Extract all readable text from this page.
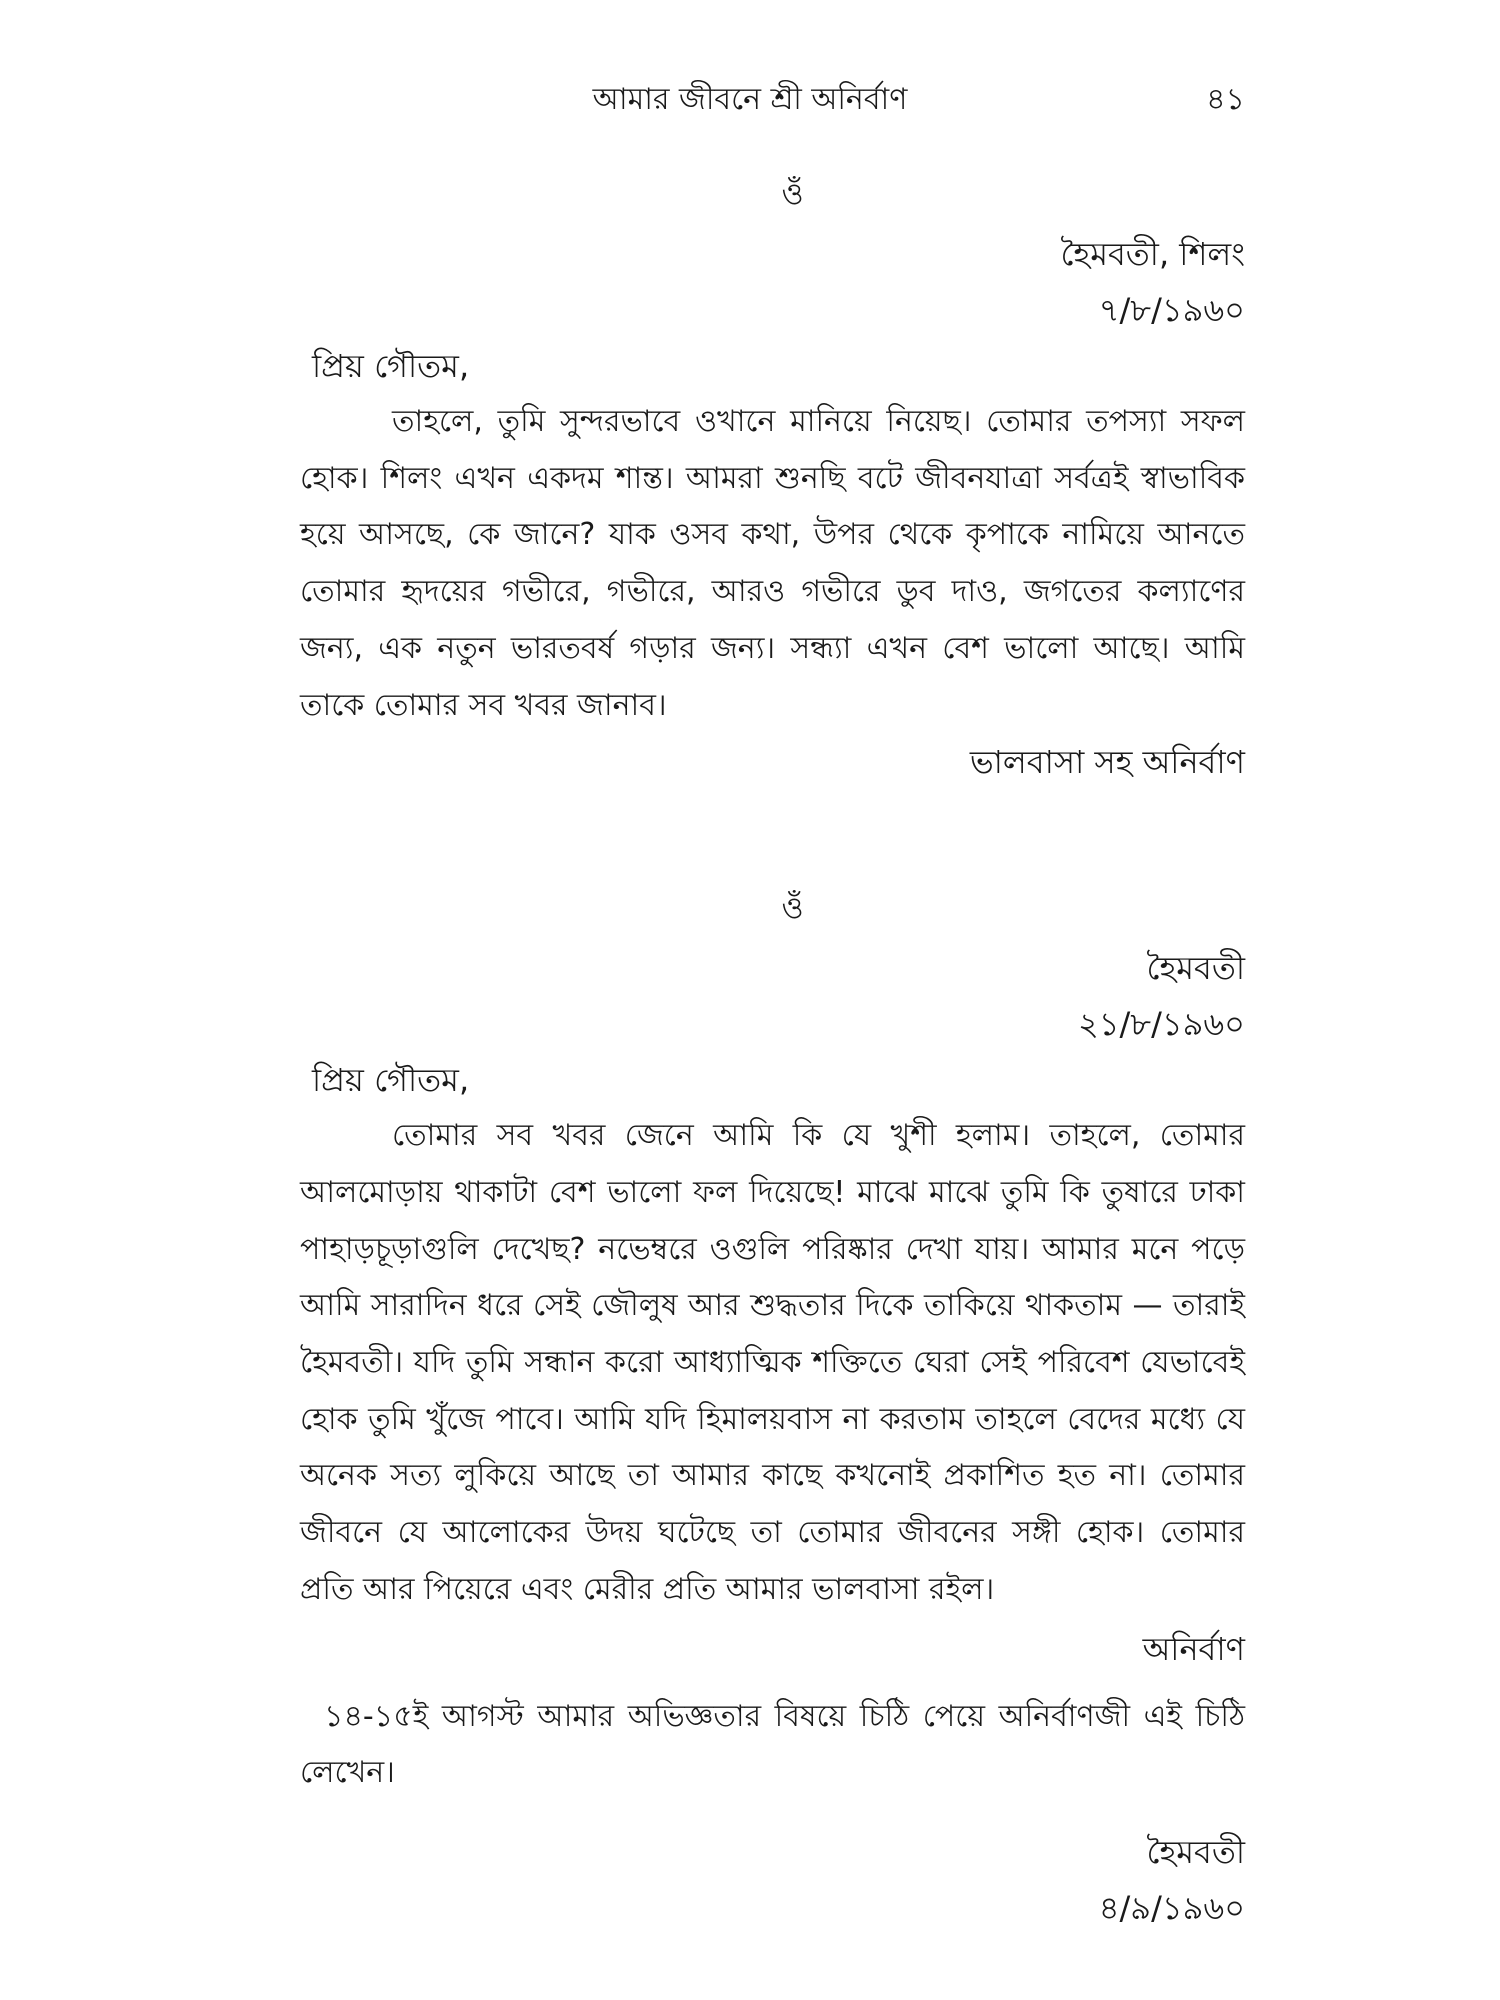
আমার জীবনে শ্রী অনির্বাণ	৪১
ওঁ
হৈমবতী, শিলং
৭/৮/১৯৬০
প্রিয় গৌতম,

তাহলে, তুমি সুন্দরভাবে ওখানে মানিয়ে নিয়েছ। তোমার তপস্যা সফল হোক। শিলং এখন একদম শান্ত। আমরা শুনছি বটে জীবনযাত্রা সর্বত্রই স্বাভাবিক হয়ে আসছে, কে জানে? যাক ওসব কথা, উপর থেকে কৃপাকে নামিয়ে আনতে তোমার হৃদয়ের গভীরে, গভীরে, আরও গভীরে ডুব দাও, জগতের কল্যাণের জন্য, এক নতুন ভারতবর্ষ গড়ার জন্য। সন্ধ্যা এখন বেশ ভালো আছে। আমি তাকে তোমার সব খবর জানাব।

ভালবাসা সহ অনির্বাণ
ওঁ
হৈমবতী
২১/৮/১৯৬০
প্রিয় গৌতম,

তোমার সব খবর জেনে আমি কি যে খুশী হলাম। তাহলে, তোমার আলমোড়ায় থাকাটা বেশ ভালো ফল দিয়েছে! মাঝে মাঝে তুমি কি তুষারে ঢাকা পাহাড়চূড়াগুলি দেখেছ? নভেম্বরে ওগুলি পরিষ্কার দেখা যায়। আমার মনে পড়ে আমি সারাদিন ধরে সেই জৌলুষ আর শুদ্ধতার দিকে তাকিয়ে থাকতাম — তারাই হৈমবতী। যদি তুমি সন্ধান করো আধ্যাত্মিক শক্তিতে ঘেরা সেই পরিবেশ যেভাবেই হোক তুমি খুঁজে পাবে। আমি যদি হিমালয়বাস না করতাম তাহলে বেদের মধ্যে যে অনেক সত্য লুকিয়ে আছে তা আমার কাছে কখনোই প্রকাশিত হত না। তোমার জীবনে যে আলোকের উদয় ঘটেছে তা তোমার জীবনের সঙ্গী হোক। তোমার প্রতি আর পিয়েরে এবং মেরীর প্রতি আমার ভালবাসা রইল।

অনির্বাণ

১৪-১৫ই আগস্ট আমার অভিজ্ঞতার বিষয়ে চিঠি পেয়ে অনির্বাণজী এই চিঠি লেখেন।

হৈমবতী
৪/৯/১৯৬০
